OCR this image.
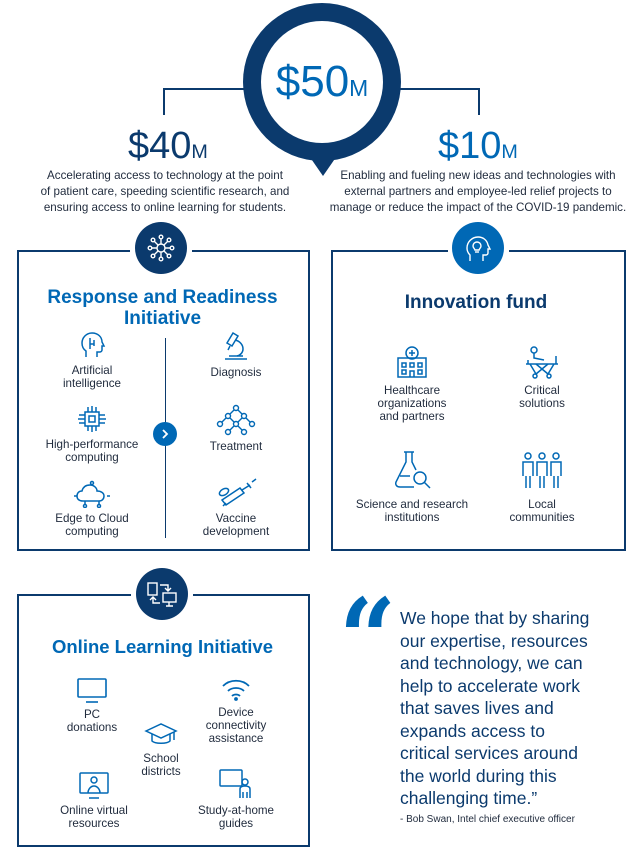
$50M
$40M	$10M
Accelerating access to technology at the point
of patient care, speeding scientific research, and
ensuring access to online learning for students.
Enabling and fueling new ideas and technologies with
external partners and employee-led relief projects to
manage or reduce the impact of the COVID-19 pandemic.
Response and Readiness
Initiative
Artificial
intelligence
High-performance
computing
Edge to Cloud
computing
Diagnosis
Treatment
Vaccine
development
Innovation fund
Healthcare
organizations
and partners
Critical
solutions
Science and research
institutions
Local
communities
Online Learning Initiative
PC
donations
Device
connectivity
assistance
School
districts
Online virtual
resources
Study-at-home
guides
“ We hope that by sharing
our expertise, resources
and technology, we can
help to accelerate work
that saves lives and
expands access to
critical services around
the world during this
challenging time.”
- Bob Swan, Intel chief executive officer
